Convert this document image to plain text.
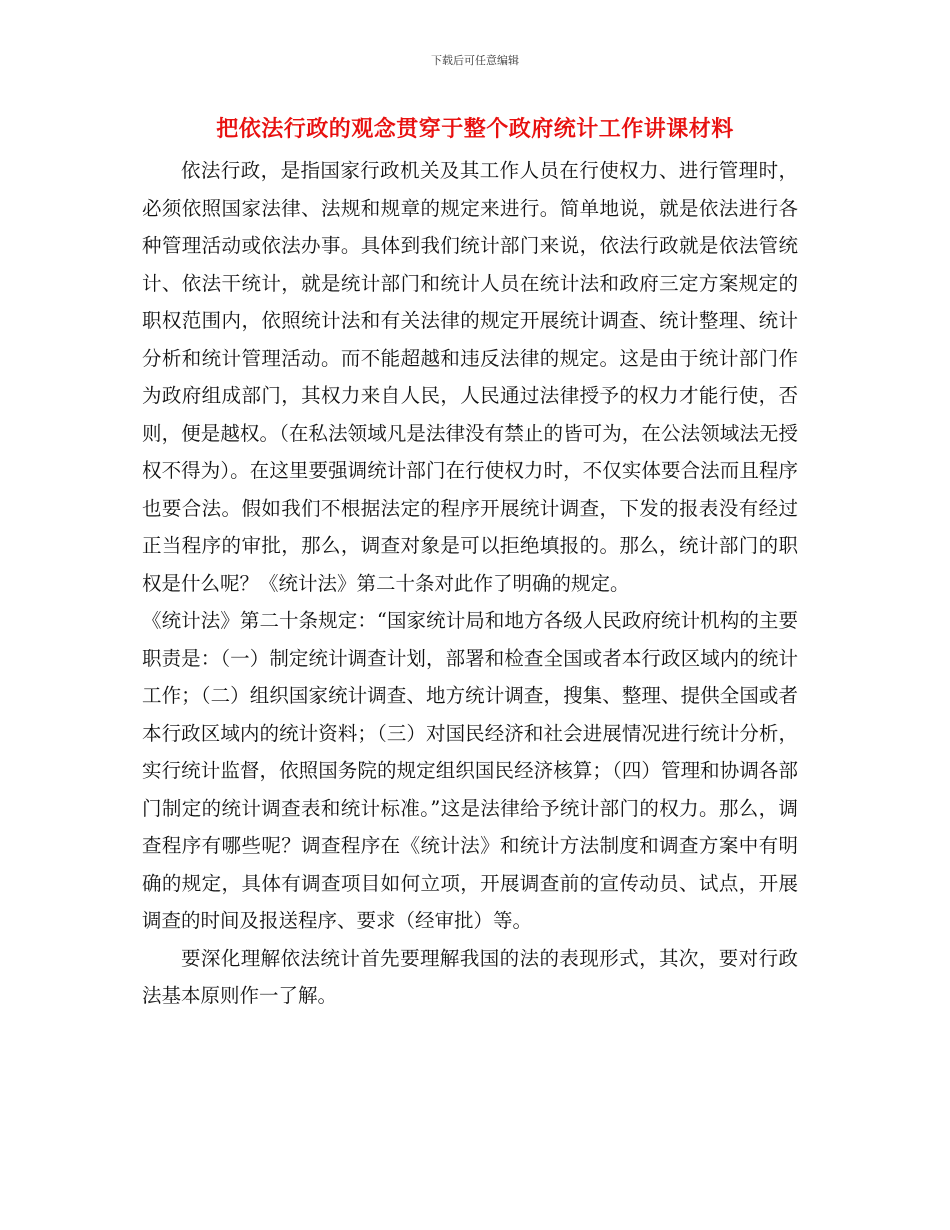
下载后可任意编辑
把依法行政的观念贯穿于整个政府统计工作讲课材料

依法行政，是指国家行政机关及其工作人员在行使权力、进行管理时，必须依照国家法律、法规和规章的规定来进行。简单地说，就是依法进行各种管理活动或依法办事。具体到我们统计部门来说，依法行政就是依法管统计、依法干统计，就是统计部门和统计人员在统计法和政府三定方案规定的职权范围内，依照统计法和有关法律的规定开展统计调查、统计整理、统计分析和统计管理活动。而不能超越和违反法律的规定。这是由于统计部门作为政府组成部门，其权力来自人民，人民通过法律授予的权力才能行使，否则，便是越权。（在私法领域凡是法律没有禁止的皆可为，在公法领域法无授权不得为）。在这里要强调统计部门在行使权力时，不仅实体要合法而且程序也要合法。假如我们不根据法定的程序开展统计调查，下发的报表没有经过正当程序的审批，那么，调查对象是可以拒绝填报的。那么，统计部门的职权是什么呢？《统计法》第二十条对此作了明确的规定。

《统计法》第二十条规定：“国家统计局和地方各级人民政府统计机构的主要职责是：（一）制定统计调查计划，部署和检查全国或者本行政区域内的统计工作；（二）组织国家统计调查、地方统计调查，搜集、整理、提供全国或者本行政区域内的统计资料；（三）对国民经济和社会进展情况进行统计分析，实行统计监督，依照国务院的规定组织国民经济核算；（四）管理和协调各部门制定的统计调查表和统计标准。”这是法律给予统计部门的权力。那么，调查程序有哪些呢？调查程序在《统计法》和统计方法制度和调查方案中有明确的规定，具体有调查项目如何立项，开展调查前的宣传动员、试点，开展调查的时间及报送程序、要求（经审批）等。

要深化理解依法统计首先要理解我国的法的表现形式，其次，要对行政法基本原则作一了解。
